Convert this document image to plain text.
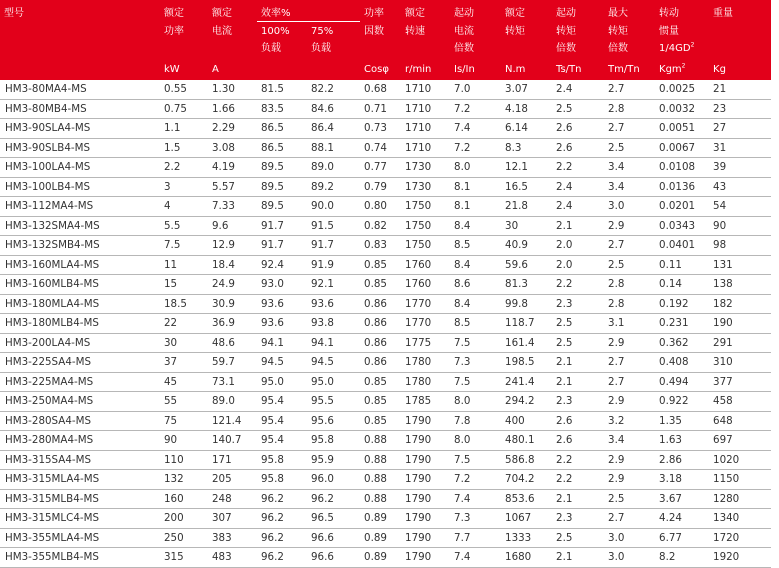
型号	额定	额定	效率%		功率	额定	起动	额定	起动	最大	转动	重量
	功率	电流	100%	75%	因数	转速	电流	转矩	转矩	转矩	惯量	
			负载	负载			倍数		倍数	倍数	$1/4GD^2$	

	kW	A			Cosφ	r/min	Is/In	N.m	Ts/Tn	Tm/Tn	Kgm$^2$	Kg
HM3-80MA4-MS	0.55	1.30	81.5	82.2	0.68	1710	7.0	3.07	2.4	2.7	0.0025	21
HM3-80MB4-MS	0.75	1.66	83.5	84.6	0.71	1710	7.2	4.18	2.5	2.8	0.0032	23
HM3-90SLA4-MS	1.1	2.29	86.5	86.4	0.73	1710	7.4	6.14	2.6	2.7	0.0051	27
HM3-90SLB4-MS	1.5	3.08	86.5	88.1	0.74	1710	7.2	8.3	2.6	2.5	0.0067	31
HM3-100LA4-MS	2.2	4.19	89.5	89.0	0.77	1730	8.0	12.1	2.2	3.4	0.0108	39
HM3-100LB4-MS	3	5.57	89.5	89.2	0.79	1730	8.1	16.5	2.4	3.4	0.0136	43
HM3-112MA4-MS	4	7.33	89.5	90.0	0.80	1750	8.1	21.8	2.4	3.0	0.0201	54
HM3-132SMA4-MS	5.5	9.6	91.7	91.5	0.82	1750	8.4	30	2.1	2.9	0.0343	90
HM3-132SMB4-MS	7.5	12.9	91.7	91.7	0.83	1750	8.5	40.9	2.0	2.7	0.0401	98
HM3-160MLA4-MS	11	18.4	92.4	91.9	0.85	1760	8.4	59.6	2.0	2.5	0.11	131
HM3-160MLB4-MS	15	24.9	93.0	92.1	0.85	1760	8.6	81.3	2.2	2.8	0.14	138
HM3-180MLA4-MS	18.5	30.9	93.6	93.6	0.86	1770	8.4	99.8	2.3	2.8	0.192	182
HM3-180MLB4-MS	22	36.9	93.6	93.8	0.86	1770	8.5	118.7	2.5	3.1	0.231	190
HM3-200LA4-MS	30	48.6	94.1	94.1	0.86	1775	7.5	161.4	2.5	2.9	0.362	291
HM3-225SA4-MS	37	59.7	94.5	94.5	0.86	1780	7.3	198.5	2.1	2.7	0.408	310
HM3-225MA4-MS	45	73.1	95.0	95.0	0.85	1780	7.5	241.4	2.1	2.7	0.494	377
HM3-250MA4-MS	55	89.0	95.4	95.5	0.85	1785	8.0	294.2	2.3	2.9	0.922	458
HM3-280SA4-MS	75	121.4	95.4	95.6	0.85	1790	7.8	400	2.6	3.2	1.35	648
HM3-280MA4-MS	90	140.7	95.4	95.8	0.88	1790	8.0	480.1	2.6	3.4	1.63	697
HM3-315SA4-MS	110	171	95.8	95.9	0.88	1790	7.5	586.8	2.2	2.9	2.86	1020
HM3-315MLA4-MS	132	205	95.8	96.0	0.88	1790	7.2	704.2	2.2	2.9	3.18	1150
HM3-315MLB4-MS	160	248	96.2	96.2	0.88	1790	7.4	853.6	2.1	2.5	3.67	1280
HM3-315MLC4-MS	200	307	96.2	96.5	0.89	1790	7.3	1067	2.3	2.7	4.24	1340
HM3-355MLA4-MS	250	383	96.2	96.6	0.89	1790	7.7	1333	2.5	3.0	6.77	1720
HM3-355MLB4-MS	315	483	96.2	96.6	0.89	1790	7.4	1680	2.1	3.0	8.2	1920
